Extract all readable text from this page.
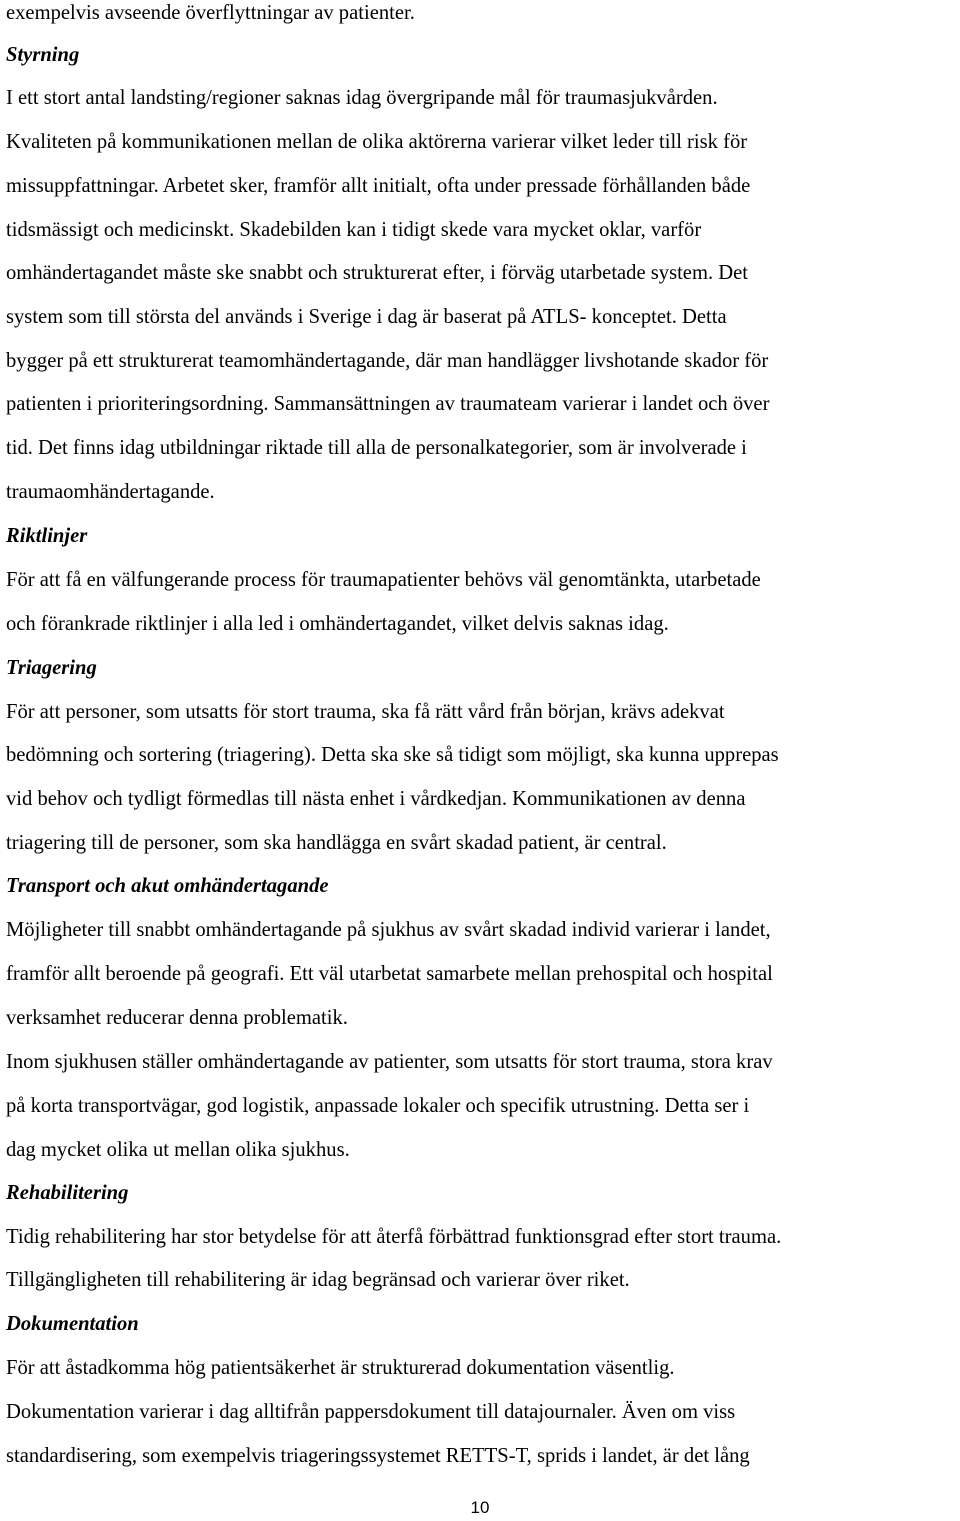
exempelvis avseende överflyttningar av patienter.

Styrning

I ett stort antal landsting/regioner saknas idag övergripande mål för traumasjukvården.

Kvaliteten på kommunikationen mellan de olika aktörerna varierar vilket leder till risk för

missuppfattningar. Arbetet sker, framför allt initialt, ofta under pressade förhållanden både

tidsmässigt och medicinskt. Skadebilden kan i tidigt skede vara mycket oklar, varför

omhändertagandet måste ske snabbt och strukturerat efter, i förväg utarbetade system. Det

system som till största del används i Sverige i dag är baserat på ATLS- konceptet. Detta

bygger på ett strukturerat teamomhändertagande, där man handlägger livshotande skador för

patienten i prioriteringsordning. Sammansättningen av traumateam varierar i landet och över

tid. Det finns idag utbildningar riktade till alla de personalkategorier, som är involverade i

traumaomhändertagande.

Riktlinjer

För att få en välfungerande process för traumapatienter behövs väl genomtänkta, utarbetade

och förankrade riktlinjer i alla led i omhändertagandet, vilket delvis saknas idag.

Triagering

För att personer, som utsatts för stort trauma, ska få rätt vård från början, krävs adekvat

bedömning och sortering (triagering). Detta ska ske så tidigt som möjligt, ska kunna upprepas

vid behov och tydligt förmedlas till nästa enhet i vårdkedjan. Kommunikationen av denna

triagering till de personer, som ska handlägga en svårt skadad patient, är central.

Transport och akut omhändertagande

Möjligheter till snabbt omhändertagande på sjukhus av svårt skadad individ varierar i landet,

framför allt beroende på geografi. Ett väl utarbetat samarbete mellan prehospital och hospital

verksamhet reducerar denna problematik.

Inom sjukhusen ställer omhändertagande av patienter, som utsatts för stort trauma, stora krav

på korta transportvägar, god logistik, anpassade lokaler och specifik utrustning. Detta ser i

dag mycket olika ut mellan olika sjukhus.

Rehabilitering

Tidig rehabilitering har stor betydelse för att återfå förbättrad funktionsgrad efter stort trauma.

Tillgängligheten till rehabilitering är idag begränsad och varierar över riket.

Dokumentation

För att åstadkomma hög patientsäkerhet är strukturerad dokumentation väsentlig.

Dokumentation varierar i dag alltifrån pappersdokument till datajournaler. Även om viss

standardisering, som exempelvis triageringssystemet RETTS-T, sprids i landet, är det lång

10
